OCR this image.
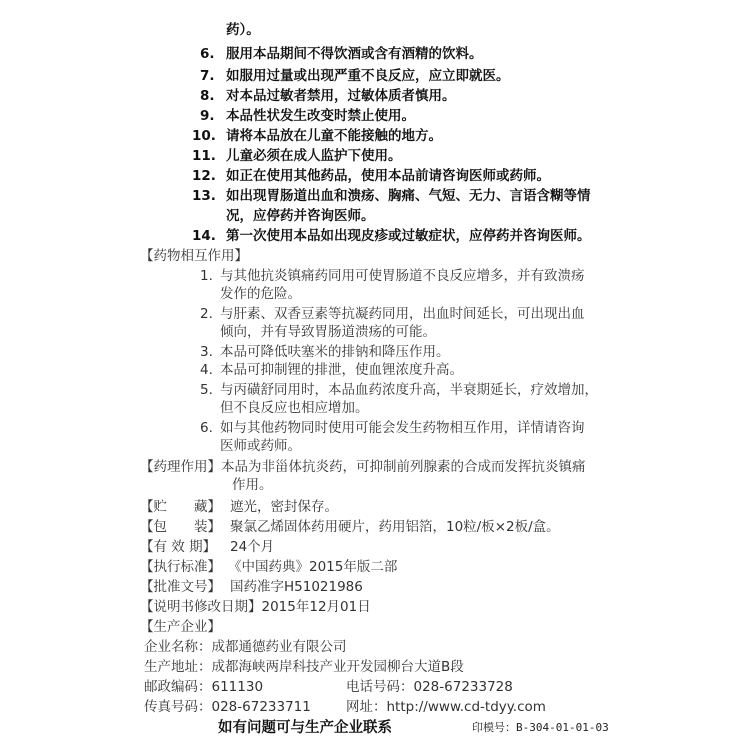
药）。
6. 服用本品期间不得饮酒或含有酒精的饮料。
7. 如服用过量或出现严重不良反应，应立即就医。
8. 对本品过敏者禁用，过敏体质者慎用。
9. 本品性状发生改变时禁止使用。
10. 请将本品放在儿童不能接触的地方。
11. 儿童必须在成人监护下使用。
12. 如正在使用其他药品，使用本品前请咨询医师或药师。
13. 如出现胃肠道出血和溃疡、胸痛、气短、无力、言语含糊等情
况，应停药并咨询医师。
14. 第一次使用本品如出现皮疹或过敏症状，应停药并咨询医师。
【药物相互作用】
1. 与其他抗炎镇痛药同用可使胃肠道不良反应增多，并有致溃疡
发作的危险。
2. 与肝素、双香豆素等抗凝药同用，出血时间延长，可出现出血
倾向，并有导致胃肠道溃疡的可能。
3. 本品可降低呋塞米的排钠和降压作用。
4. 本品可抑制锂的排泄，使血锂浓度升高。
5. 与丙磺舒同用时，本品血药浓度升高，半衰期延长，疗效增加，
但不良反应也相应增加。
6. 如与其他药物同时使用可能会发生药物相互作用，详情请咨询
医师或药师。
【药理作用】本品为非甾体抗炎药，可抑制前列腺素的合成而发挥抗炎镇痛
作用。
【贮　　藏】 遮光，密封保存。
【包　　装】 聚氯乙烯固体药用硬片，药用铝箔，10粒/板×2板/盒。
【有 效 期】 24个月
【执行标准】 《中国药典》2015年版二部
【批准文号】 国药准字H51021986
【说明书修改日期】2015年12月01日
【生产企业】
企业名称：成都通德药业有限公司
生产地址：成都海峡两岸科技产业开发园柳台大道B段
邮政编码：611130	电话号码：028-67233728
传真号码：028-67233711	网址：http://www.cd-tdyy.com
如有问题可与生产企业联系	印模号：B-304-01-01-03
